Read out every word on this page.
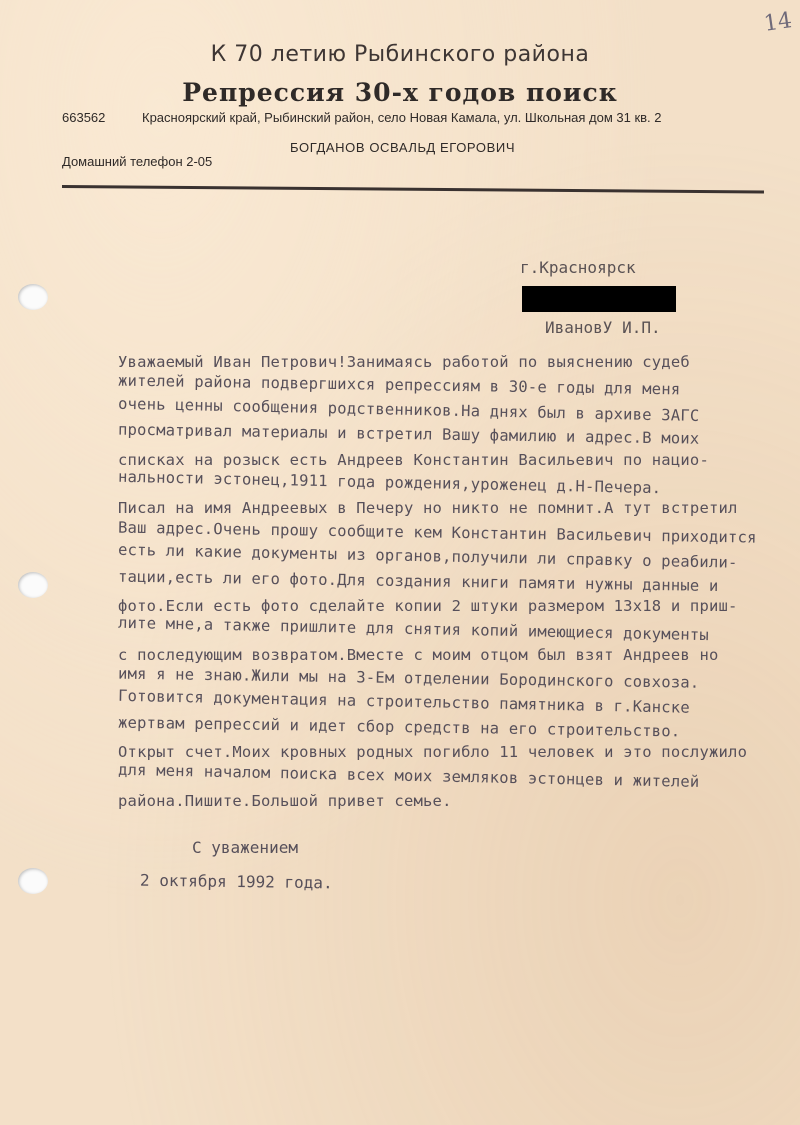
14
К 70 летию Рыбинского района
Репрессия 30-х годов поиск
663562	Красноярский край, Рыбинский район, село Новая Камала, ул. Школьная дом 31 кв. 2
БОГДАНОВ ОСВАЛЬД ЕГОРОВИЧ
Домашний телефон 2-05
г.Красноярск
ИвановУ И.П.
Уважаемый Иван Петрович!Занимаясь работой по выяснению судеб
жителей района подвергшихся репрессиям в 30-е годы для меня
очень ценны сообщения родственников.На днях был в архиве ЗАГС
просматривал материалы и встретил Вашу фамилию и адрес.В моих
списках на розыск есть Андреев Константин Васильевич по нацио-
нальности эстонец,1911 года рождения,уроженец д.Н-Печера.
Писал на имя Андреевых в Печеру но никто не помнит.А тут встретил
Ваш адрес.Очень прошу сообщите кем Константин Васильевич приходится
есть ли какие документы из органов,получили ли справку о реабили-
тации,есть ли его фото.Для создания книги памяти нужны данные и
фото.Если есть фото сделайте копии 2 штуки размером 13х18 и приш-
лите мне,а также пришлите для снятия копий имеющиеся документы
с последующим возвратом.Вместе с моим отцом был взят Андреев но
имя я не знаю.Жили мы на 3-Ем отделении Бородинского совхоза.
Готовится документация на строительство памятника в г.Канске
жертвам репрессий и идет сбор средств на его строительство.
Открыт счет.Моих кровных родных погибло 11 человек и это послужило
для меня началом поиска всех моих земляков эстонцев и жителей
района.Пишите.Большой привет семье.
С уважением
2 октября 1992 года.
